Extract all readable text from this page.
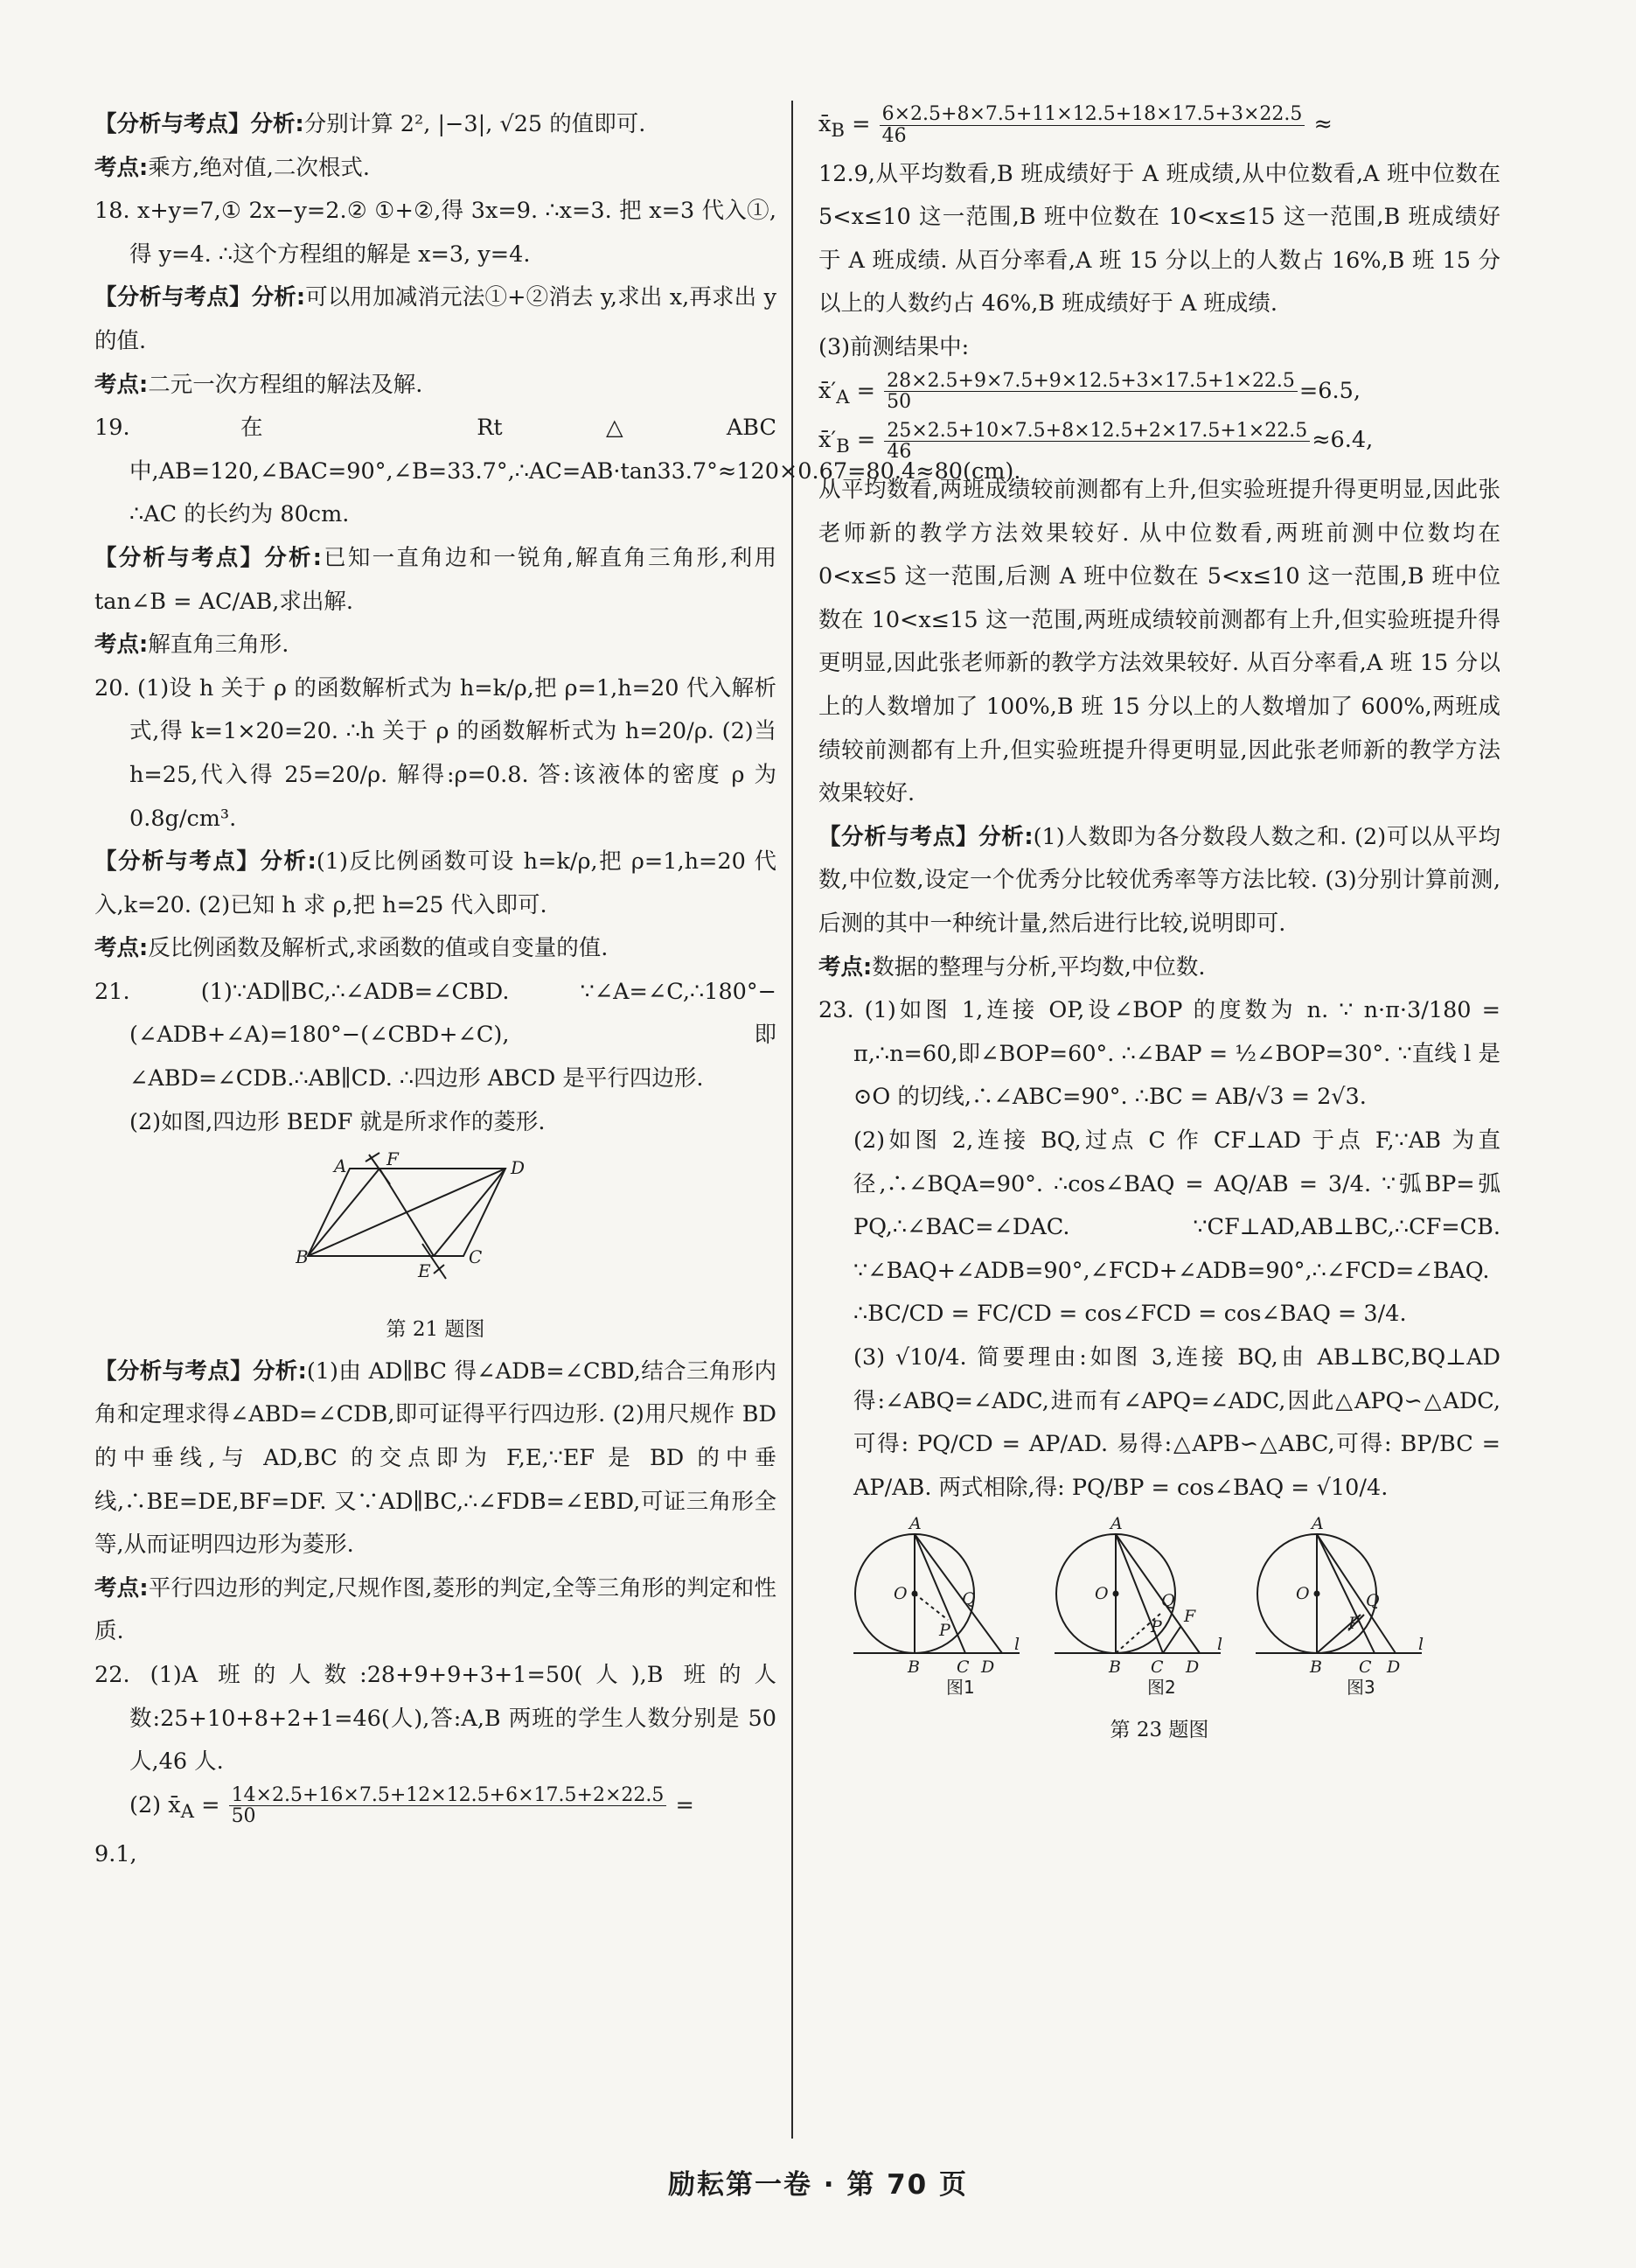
【分析与考点】分析:分别计算 2², |−3|, √25 的值即可.

考点:乘方,绝对值,二次根式.

18. x+y=7,① 2x−y=2.② ①+②,得 3x=9. ∴x=3. 把 x=3 代入①,得 y=4. ∴这个方程组的解是 x=3, y=4.

【分析与考点】分析:可以用加减消元法①+②消去 y,求出 x,再求出 y 的值.

考点:二元一次方程组的解法及解.

19.	在 Rt△ABC 中,AB=120,∠BAC=90°,∠B=33.7°,∴AC=AB·tan33.7°≈120×0.67=80.4≈80(cm). ∴AC 的长约为 80cm.

【分析与考点】分析:已知一直角边和一锐角,解直角三角形,利用 tan∠B = AC/AB,求出解.

考点:解直角三角形.

20. (1)设 h 关于 ρ 的函数解析式为 h=k/ρ,把 ρ=1,h=20 代入解析式,得 k=1×20=20. ∴h 关于 ρ 的函数解析式为 h=20/ρ. (2)当 h=25,代入得 25=20/ρ. 解得:ρ=0.8. 答:该液体的密度 ρ 为 0.8g/cm³.

【分析与考点】分析:(1)反比例函数可设 h=k/ρ,把 ρ=1,h=20 代入,k=20. (2)已知 h 求 ρ,把 h=25 代入即可.

考点:反比例函数及解析式,求函数的值或自变量的值.

21.	(1)∵AD∥BC,∴∠ADB=∠CBD. ∵∠A=∠C,∴180°−(∠ADB+∠A)=180°−(∠CBD+∠C),即∠ABD=∠CDB.∴AB∥CD. ∴四边形 ABCD 是平行四边形.

(2)如图,四边形 BEDF 就是所求作的菱形.

A F	D
B	C
E

第 21 题图

【分析与考点】分析:(1)由 AD∥BC 得∠ADB=∠CBD,结合三角形内角和定理求得∠ABD=∠CDB,即可证得平行四边形. (2)用尺规作 BD 的中垂线,与 AD,BC 的交点即为 F,E,∵EF 是 BD 的中垂线,∴BE=DE,BF=DF. 又∵AD∥BC,∴∠FDB=∠EBD,可证三角形全等,从而证明四边形为菱形.

考点:平行四边形的判定,尺规作图,菱形的判定,全等三角形的判定和性质.

22. (1)A 班的人数:28+9+9+3+1=50(人),B 班的人数:25+10+8+2+1=46(人),答:A,B 两班的学生人数分别是 50 人,46 人.

(2) $x̄_A = \frac{14\times 2.5+16\times 7.5+12\times 12.5+6\times 17.5+2\times 22.5}{50}$ =

9.1,

$x̄_B = \frac{6\times 2.5+8\times 7.5+11\times 12.5+18\times 17.5+3\times 22.5}{46}$ ≈

12.9,从平均数看,B 班成绩好于 A 班成绩,从中位数看,A 班中位数在 5<x≤10 这一范围,B 班中位数在 10<x≤15 这一范围,B 班成绩好于 A 班成绩. 从百分率看,A 班 15 分以上的人数占 16%,B 班 15 分以上的人数约占 46%,B 班成绩好于 A 班成绩.

(3)前测结果中:

$x̄'_A = \frac{28\times 2.5+9\times 7.5+9\times 12.5+3\times 17.5+1\times 22.5}{50} =6.5$,

$x̄'_B = \frac{25\times 2.5+10\times 7.5+8\times 12.5+2\times 17.5+1\times 22.5}{46} \approx 6.4$,

从平均数看,两班成绩较前测都有上升,但实验班提升得更明显,因此张老师新的教学方法效果较好. 从中位数看,两班前测中位数均在 0<x≤5 这一范围,后测 A 班中位数在 5<x≤10 这一范围,B 班中位数在 10<x≤15 这一范围,两班成绩较前测都有上升,但实验班提升得更明显,因此张老师新的教学方法效果较好. 从百分率看,A 班 15 分以上的人数增加了 100%,B 班 15 分以上的人数增加了 600%,两班成绩较前测都有上升,但实验班提升得更明显,因此张老师新的教学方法效果较好.

【分析与考点】分析:(1)人数即为各分数段人数之和. (2)可以从平均数,中位数,设定一个优秀分比较优秀率等方法比较. (3)分别计算前测,后测的其中一种统计量,然后进行比较,说明即可.

考点:数据的整理与分析,平均数,中位数.

23. (1)如图 1,连接 OP,设∠BOP 的度数为 n. ∵ n·π·3/180 = π,∴n=60,即∠BOP=60°. ∴∠BAP = ½∠BOP=30°. ∵直线 l 是⊙O 的切线,∴∠ABC=90°. ∴BC = AB/√3 = 2√3.

(2)如图 2,连接 BQ,过点 C 作 CF⊥AD 于点 F,∵AB 为直径,∴∠BQA=90°. ∴cos∠BAQ = AQ/AB = 3/4. ∵弧BP=弧PQ,∴∠BAC=∠DAC. ∵CF⊥AD,AB⊥BC,∴CF=CB. ∵∠BAQ+∠ADB=90°,∠FCD+∠ADB=90°,∴∠FCD=∠BAQ. ∴BC/CD = FC/CD = cos∠FCD = cos∠BAQ = 3/4.

(3) √10/4. 简要理由:如图 3,连接 BQ,由 AB⊥BC,BQ⊥AD 得:∠ABQ=∠ADC,进而有∠APQ=∠ADC,因此△APQ∽△ADC,可得: PQ/CD = AP/AD. 易得:△APB∽△ABC,可得: BP/BC = AP/AB. 两式相除,得: PQ/BP = cos∠BAQ = √10/4.

A
O	Q
P
B C D
l
A
O	Q
F
P
B C D
l
A
O	Q
P
B C D
l
图1	图2	图3

第 23 题图

励耘第一卷 · 第 70 页
